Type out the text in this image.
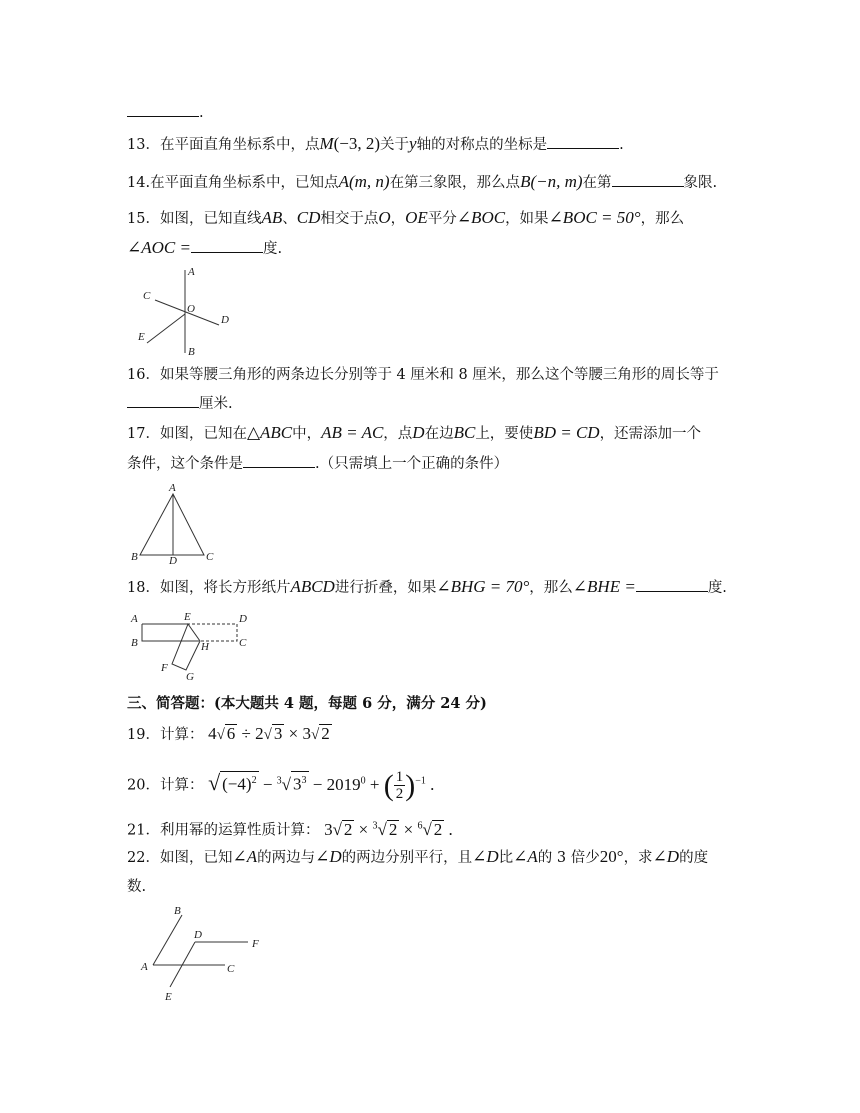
.
13．在平面直角坐标系中，点M(−3, 2)关于y轴的对称点的坐标是	.
14.在平面直角坐标系中，已知点A(m, n)在第三象限，那么点B(−n, m)在第	象限.
15．如图，已知直线AB、CD相交于点O，OE平分∠BOC，如果∠BOC = 50°，那么
∠AOC =	度.
A
B
C
D
E
O
16．如果等腰三角形的两条边长分别等于 4 厘米和 8 厘米，那么这个等腰三角形的周长等于
厘米.
17．如图，已知在△ABC中，AB = AC，点D在边BC上，要使BD = CD，还需添加一个
条件，这个条件是	.（只需填上一个正确的条件）
A
B	C
D
18．如图，将长方形纸片ABCD进行折叠，如果∠BHG = 70°，那么∠BHE =	度.
A
B	C
D
E
F
G
H
三、简答题：(本大题共 4 题，每题 6 分，满分 24 分)
19．计算： 4√ 6 ÷ 2√ 3 × 3√ 2
20．计算： √ $(-4)^2 - ^3√$ $3^3 - 2019^0$ + ( $\frac{1}{2} )^{-1}$ .
21．利用幂的运算性质计算： 3√ 2 × $^3$√ 2 × $^6$√ 2 .
22．如图，已知∠A的两边与∠D的两边分别平行，且∠D比∠A的 3 倍少20°，求∠D的度
数.
B
A	C
D
F
E
